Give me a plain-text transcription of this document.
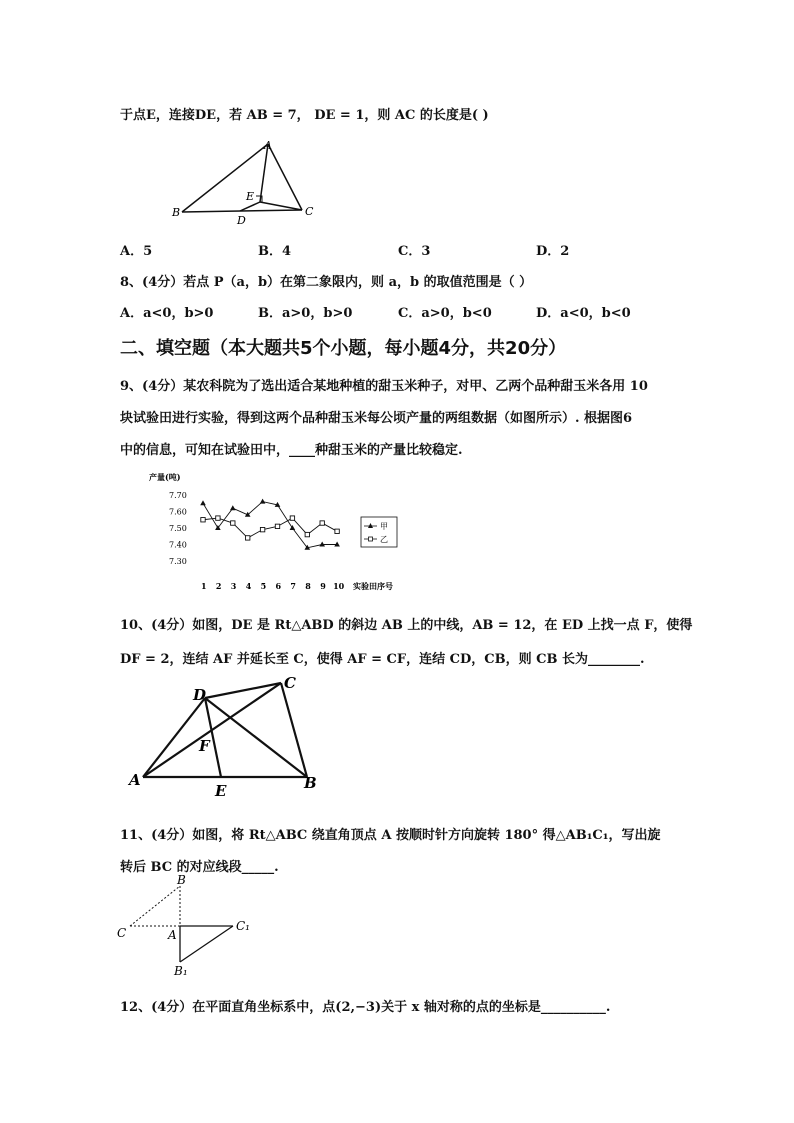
于点E，连接DE，若 AB = 7， DE = 1，则 AC 的长度是( )
A
B	C
D
E
A．5	B．4	C．3	D．2
8、(4分）若点 P（a，b）在第二象限内，则 a，b 的取值范围是（ ）
A．a<0，b>0	B．a>0，b>0	C．a>0，b<0	D．a<0，b<0
二、填空题（本大题共5个小题，每小题4分，共20分）
9、(4分）某农科院为了选出适合某地种植的甜玉米种子，对甲、乙两个品种甜玉米各用 10
块试验田进行实验，得到这两个品种甜玉米每公顷产量的两组数据（如图所示）. 根据图6
中的信息，可知在试验田中，____种甜玉米的产量比较稳定.
产量(吨)
实验田序号
7.70
7.60
7.50
7.40
7.30
1 2 3 4 5 6 7 8 9 10
甲
乙
10、(4分）如图，DE 是 Rt△ABD 的斜边 AB 上的中线，AB = 12，在 ED 上找一点 F，使得
DF = 2，连结 AF 并延长至 C，使得 AF = CF，连结 CD，CB，则 CB 长为________.
D
C
F
A	B
E
11、(4分）如图，将 Rt△ABC 绕直角顶点 A 按顺时针方向旋转 180° 得△AB₁C₁，写出旋
转后 BC 的对应线段_____.
B
C	A
C₁
B₁
12、(4分）在平面直角坐标系中，点(2,−3)关于 x 轴对称的点的坐标是__________.
